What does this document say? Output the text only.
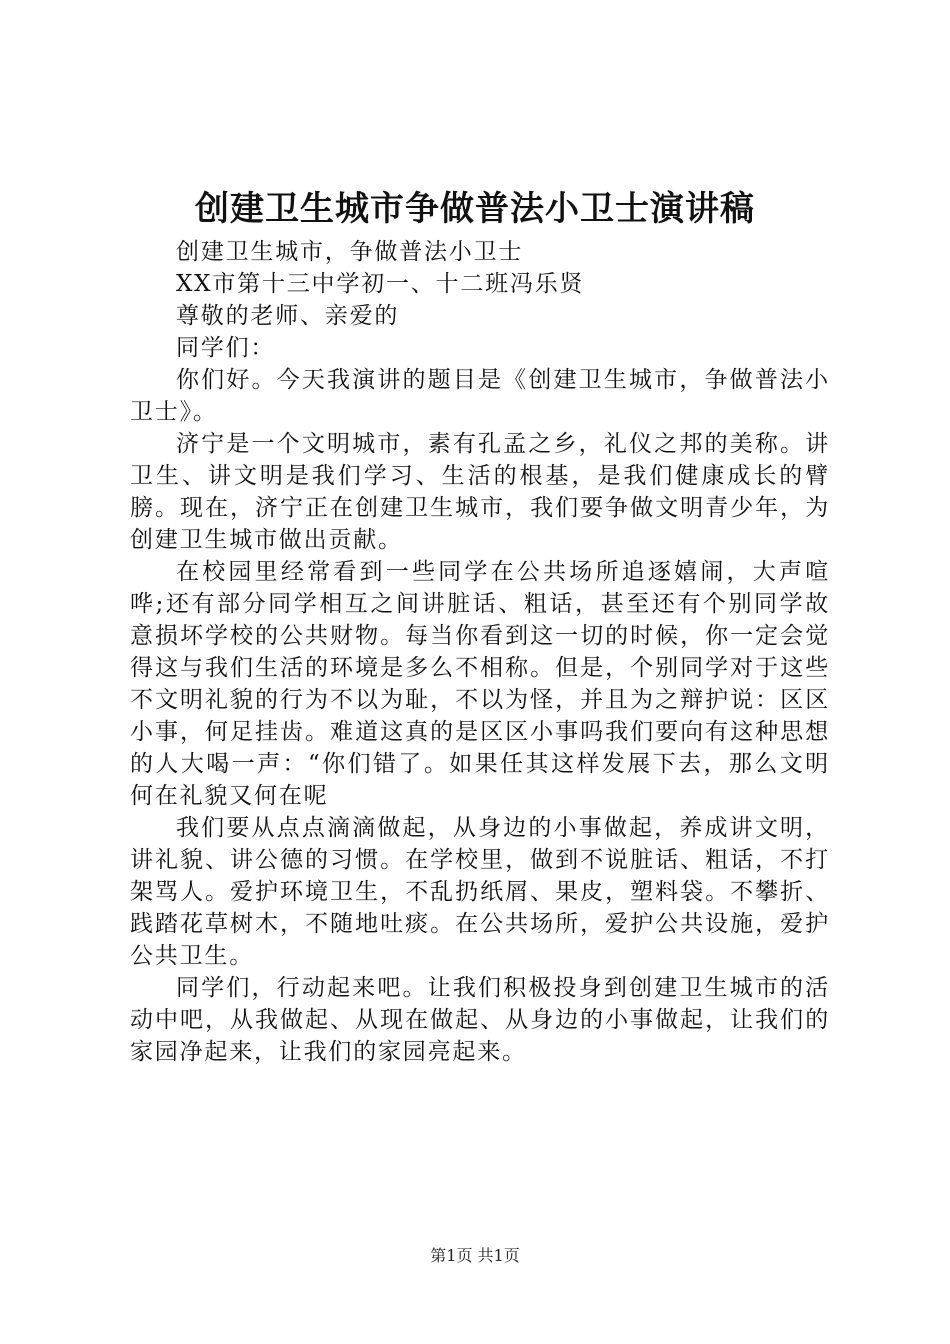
创建卫生城市争做普法小卫士演讲稿

创建卫生城市，争做普法小卫士

XX市第十三中学初一、十二班冯乐贤

尊敬的老师、亲爱的

同学们：

你们好。今天我演讲的题目是《创建卫生城市，争做普法小卫士》。

济宁是一个文明城市，素有孔孟之乡，礼仪之邦的美称。讲卫生、讲文明是我们学习、生活的根基，是我们健康成长的臂膀。现在，济宁正在创建卫生城市，我们要争做文明青少年，为创建卫生城市做出贡献。

在校园里经常看到一些同学在公共场所追逐嬉闹，大声喧哗;还有部分同学相互之间讲脏话、粗话，甚至还有个别同学故意损坏学校的公共财物。每当你看到这一切的时候，你一定会觉得这与我们生活的环境是多么不相称。但是，个别同学对于这些不文明礼貌的行为不以为耻，不以为怪，并且为之辩护说：区区小事，何足挂齿。难道这真的是区区小事吗我们要向有这种思想的人大喝一声：“你们错了。如果任其这样发展下去，那么文明何在礼貌又何在呢

我们要从点点滴滴做起，从身边的小事做起，养成讲文明，讲礼貌、讲公德的习惯。在学校里，做到不说脏话、粗话，不打架骂人。爱护环境卫生，不乱扔纸屑、果皮，塑料袋。不攀折、践踏花草树木，不随地吐痰。在公共场所，爱护公共设施，爱护公共卫生。

同学们，行动起来吧。让我们积极投身到创建卫生城市的活动中吧，从我做起、从现在做起、从身边的小事做起，让我们的家园净起来，让我们的家园亮起来。

第1页 共1页
